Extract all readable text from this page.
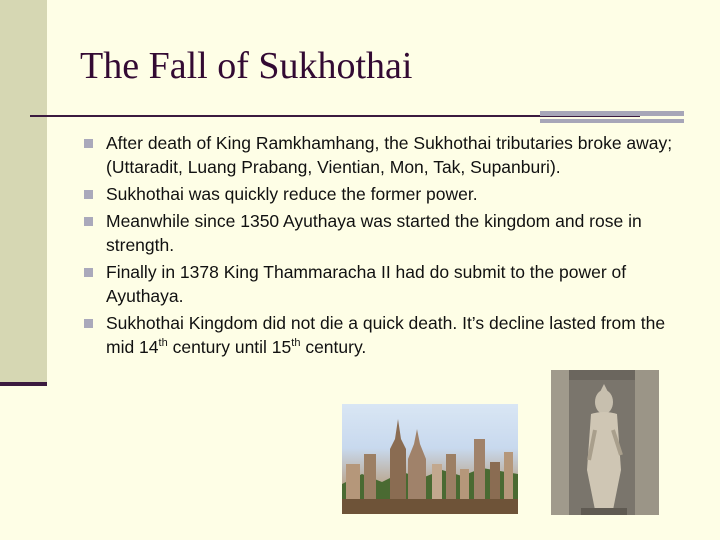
The Fall of Sukhothai
After death of King Ramkhamhang, the Sukhothai tributaries broke away; (Uttaradit, Luang Prabang, Vientian, Mon, Tak, Supanburi).
Sukhothai was quickly reduce the former power.
Meanwhile since 1350 Ayuthaya was started the kingdom and rose in strength.
Finally in 1378 King Thammaracha II had do submit to the power of Ayuthaya.
Sukhothai Kingdom did not die a quick death. It’s decline lasted from the mid 14th century until 15th century.
